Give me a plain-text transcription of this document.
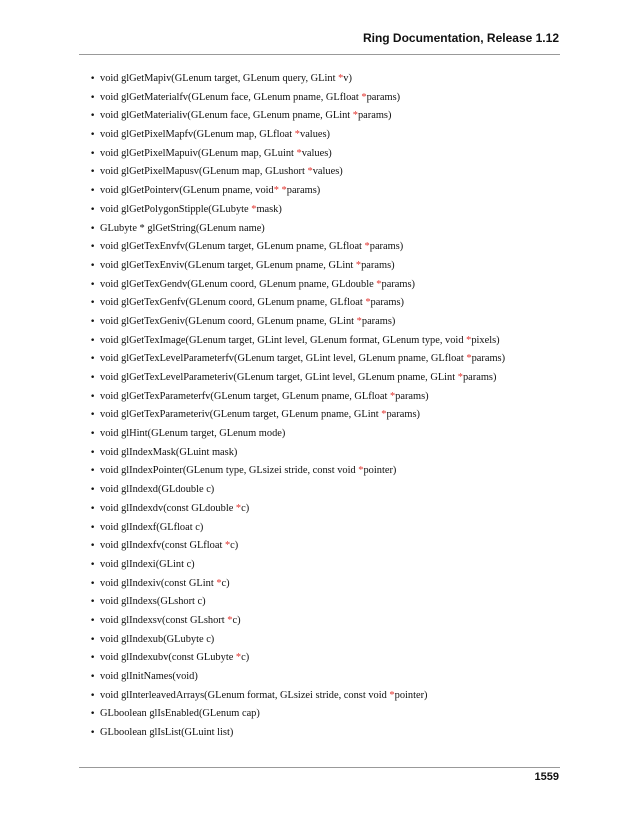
Ring Documentation, Release 1.12
• void glGetMapiv(GLenum target, GLenum query, GLint *v)
• void glGetMaterialfv(GLenum face, GLenum pname, GLfloat *params)
• void glGetMaterialiv(GLenum face, GLenum pname, GLint *params)
• void glGetPixelMapfv(GLenum map, GLfloat *values)
• void glGetPixelMapuiv(GLenum map, GLuint *values)
• void glGetPixelMapusv(GLenum map, GLushort *values)
• void glGetPointerv(GLenum pname, void* *params)
• void glGetPolygonStipple(GLubyte *mask)
• GLubyte * glGetString(GLenum name)
• void glGetTexEnvfv(GLenum target, GLenum pname, GLfloat *params)
• void glGetTexEnviv(GLenum target, GLenum pname, GLint *params)
• void glGetTexGendv(GLenum coord, GLenum pname, GLdouble *params)
• void glGetTexGenfv(GLenum coord, GLenum pname, GLfloat *params)
• void glGetTexGeniv(GLenum coord, GLenum pname, GLint *params)
• void glGetTexImage(GLenum target, GLint level, GLenum format, GLenum type, void *pixels)
• void glGetTexLevelParameterfv(GLenum target, GLint level, GLenum pname, GLfloat *params)
• void glGetTexLevelParameteriv(GLenum target, GLint level, GLenum pname, GLint *params)
• void glGetTexParameterfv(GLenum target, GLenum pname, GLfloat *params)
• void glGetTexParameteriv(GLenum target, GLenum pname, GLint *params)
• void glHint(GLenum target, GLenum mode)
• void glIndexMask(GLuint mask)
• void glIndexPointer(GLenum type, GLsizei stride, const void *pointer)
• void glIndexd(GLdouble c)
• void glIndexdv(const GLdouble *c)
• void glIndexf(GLfloat c)
• void glIndexfv(const GLfloat *c)
• void glIndexi(GLint c)
• void glIndexiv(const GLint *c)
• void glIndexs(GLshort c)
• void glIndexsv(const GLshort *c)
• void glIndexub(GLubyte c)
• void glIndexubv(const GLubyte *c)
• void glInitNames(void)
• void glInterleavedArrays(GLenum format, GLsizei stride, const void *pointer)
• GLboolean glIsEnabled(GLenum cap)
• GLboolean glIsList(GLuint list)
1559
